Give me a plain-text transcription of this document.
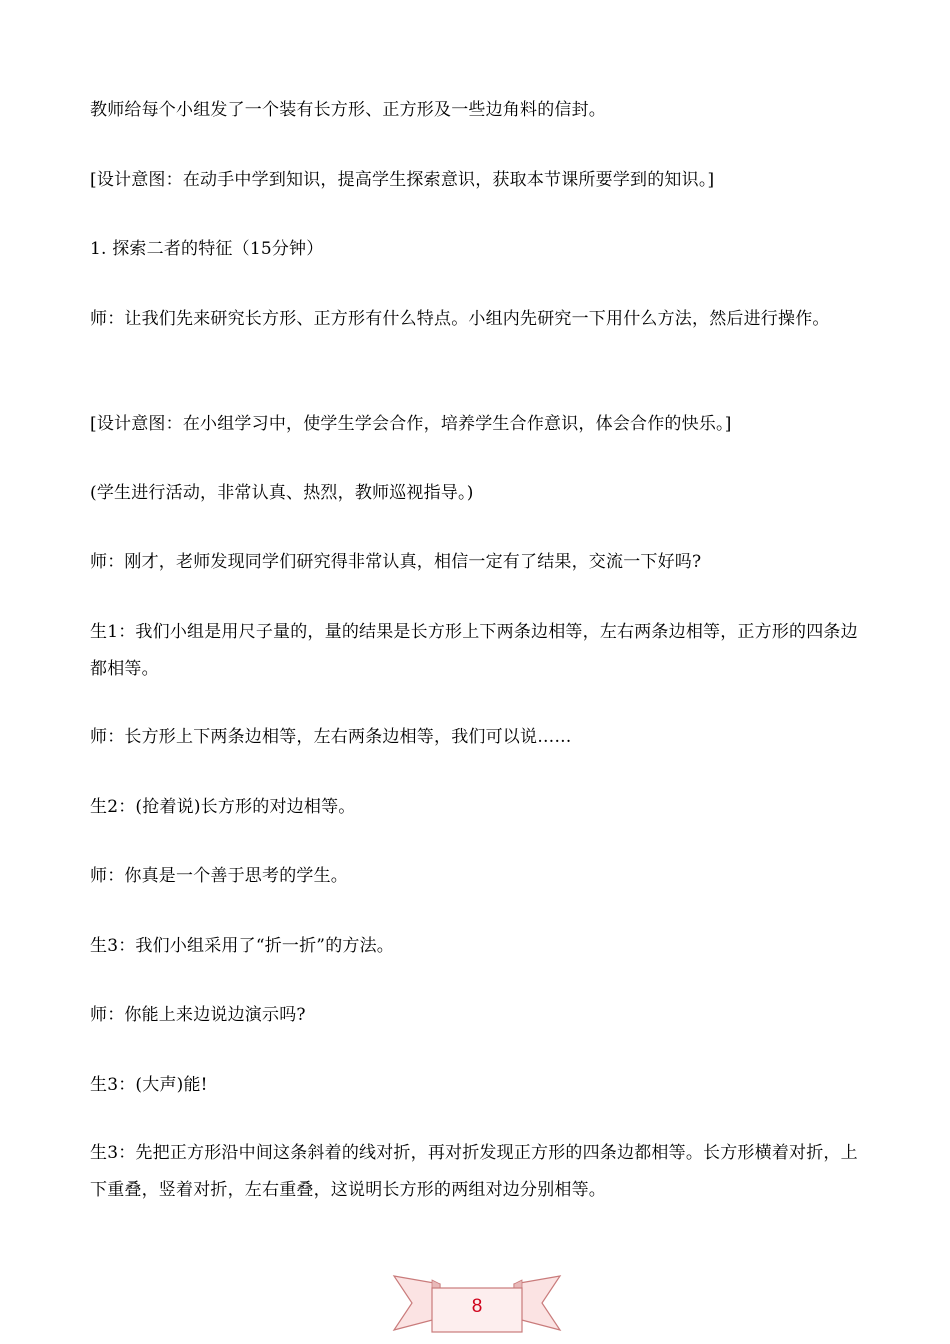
教师给每个小组发了一个装有长方形、正方形及一些边角料的信封。

[设计意图：在动手中学到知识，提高学生探索意识，获取本节课所要学到的知识。]

1. 探索二者的特征（15分钟）

师：让我们先来研究长方形、正方形有什么特点。小组内先研究一下用什么方法，然后进行操作。

[设计意图：在小组学习中，使学生学会合作，培养学生合作意识，体会合作的快乐。]

(学生进行活动，非常认真、热烈，教师巡视指导。)

师：刚才，老师发现同学们研究得非常认真，相信一定有了结果，交流一下好吗?

生1：我们小组是用尺子量的，量的结果是长方形上下两条边相等，左右两条边相等，正方形的四条边都相等。

师：长方形上下两条边相等，左右两条边相等，我们可以说……

生2：(抢着说)长方形的对边相等。

师：你真是一个善于思考的学生。

生3：我们小组采用了“折一折”的方法。

师：你能上来边说边演示吗?

生3：(大声)能!

生3：先把正方形沿中间这条斜着的线对折，再对折发现正方形的四条边都相等。长方形横着对折，上下重叠，竖着对折，左右重叠，这说明长方形的两组对边分别相等。

8
